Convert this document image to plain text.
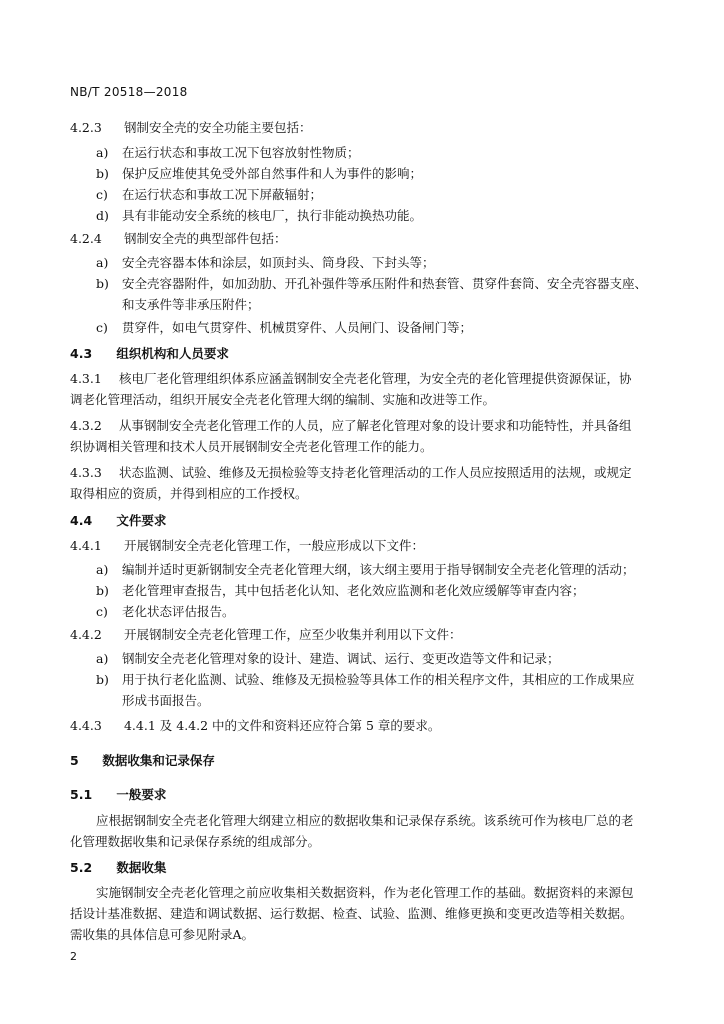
NB/T 20518—2018
4.2.3 钢制安全壳的安全功能主要包括：
a) 在运行状态和事故工况下包容放射性物质；
b) 保护反应堆使其免受外部自然事件和人为事件的影响；
c) 在运行状态和事故工况下屏蔽辐射；
d) 具有非能动安全系统的核电厂，执行非能动换热功能。
4.2.4 钢制安全壳的典型部件包括：
a) 安全壳容器本体和涂层，如顶封头、筒身段、下封头等；
b) 安全壳容器附件，如加劲肋、开孔补强件等承压附件和热套管、贯穿件套筒、安全壳容器支座、
和支承件等非承压附件；
c) 贯穿件，如电气贯穿件、机械贯穿件、人员闸门、设备闸门等；
4.3 组织机构和人员要求
4.3.1 核电厂老化管理组织体系应涵盖钢制安全壳老化管理，为安全壳的老化管理提供资源保证，协
调老化管理活动，组织开展安全壳老化管理大纲的编制、实施和改进等工作。
4.3.2 从事钢制安全壳老化管理工作的人员，应了解老化管理对象的设计要求和功能特性，并具备组
织协调相关管理和技术人员开展钢制安全壳老化管理工作的能力。
4.3.3 状态监测、试验、维修及无损检验等支持老化管理活动的工作人员应按照适用的法规，或规定
取得相应的资质，并得到相应的工作授权。
4.4 文件要求
4.4.1 开展钢制安全壳老化管理工作，一般应形成以下文件：
a) 编制并适时更新钢制安全壳老化管理大纲，该大纲主要用于指导钢制安全壳老化管理的活动；
b) 老化管理审查报告，其中包括老化认知、老化效应监测和老化效应缓解等审查内容；
c) 老化状态评估报告。
4.4.2 开展钢制安全壳老化管理工作，应至少收集并利用以下文件：
a) 钢制安全壳老化管理对象的设计、建造、调试、运行、变更改造等文件和记录；
b) 用于执行老化监测、试验、维修及无损检验等具体工作的相关程序文件，其相应的工作成果应
形成书面报告。
4.4.3 4.4.1 及 4.4.2 中的文件和资料还应符合第 5 章的要求。
5 数据收集和记录保存
5.1 一般要求
应根据钢制安全壳老化管理大纲建立相应的数据收集和记录保存系统。该系统可作为核电厂总的老
化管理数据收集和记录保存系统的组成部分。
5.2 数据收集
实施钢制安全壳老化管理之前应收集相关数据资料，作为老化管理工作的基础。数据资料的来源包
括设计基准数据、建造和调试数据、运行数据、检查、试验、监测、维修更换和变更改造等相关数据。
需收集的具体信息可参见附录A。
2
